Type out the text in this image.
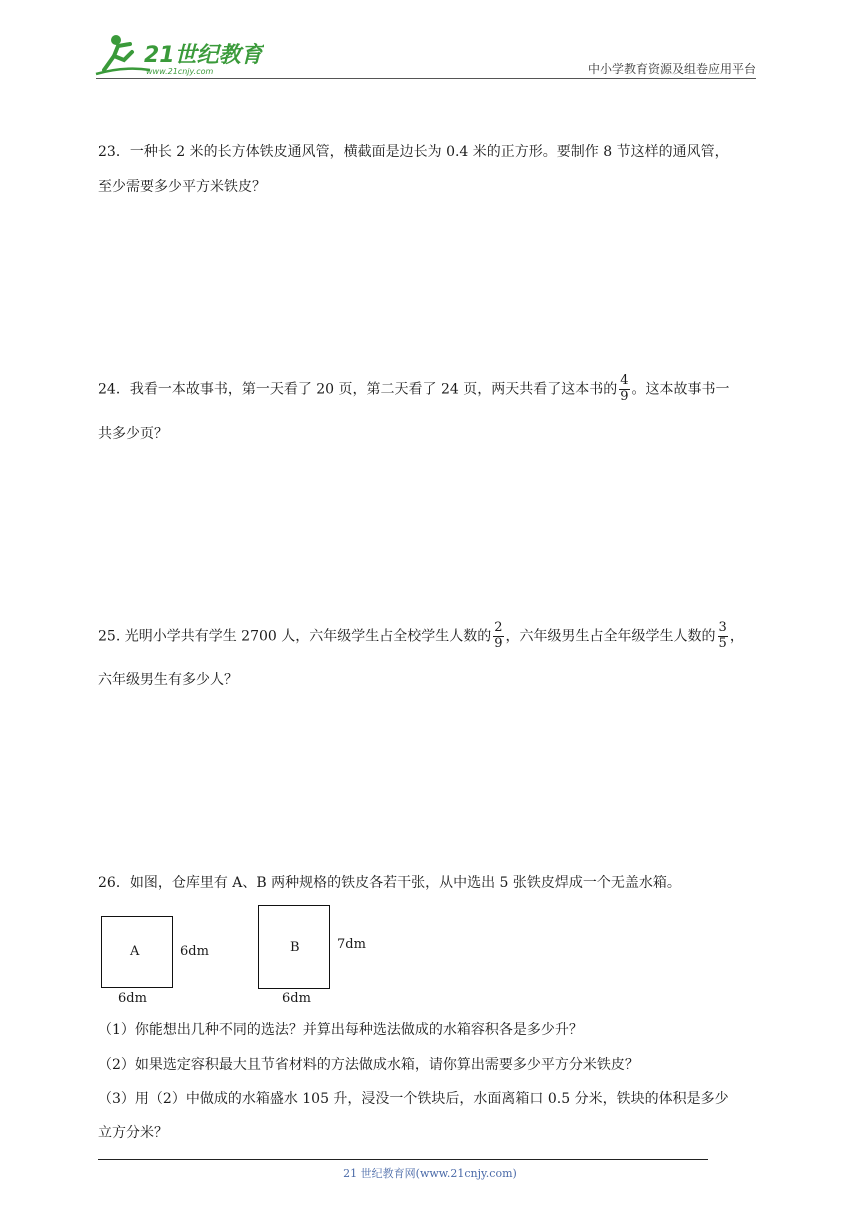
21世纪教育
www.21cnjy.com	中小学教育资源及组卷应用平台
23．一种长 2 米的长方体铁皮通风管，横截面是边长为 0.4 米的正方形。要制作 8 节这样的通风管，
至少需要多少平方米铁皮？
24．我看一本故事书，第一天看了 20 页，第二天看了 24 页，两天共看了这本书的 $\frac{4}{9}$ 。这本故事书一
共多少页？
25. 光明小学共有学生 2700 人，六年级学生占全校学生人数的 $\frac{2}{9}$ ，六年级男生占全年级学生人数的 $\frac{3}{5}$ ，
六年级男生有多少人？
26．如图，仓库里有 A、B 两种规格的铁皮各若干张，从中选出 5 张铁皮焊成一个无盖水箱。
A	6dm
6dm
B	7dm
6dm
（1）你能想出几种不同的选法？并算出每种选法做成的水箱容积各是多少升？
（2）如果选定容积最大且节省材料的方法做成水箱，请你算出需要多少平方分米铁皮？
（3）用（2）中做成的水箱盛水 105 升，浸没一个铁块后，水面离箱口 0.5 分米，铁块的体积是多少
立方分米？
21 世纪教育网(www.21cnjy.com)
